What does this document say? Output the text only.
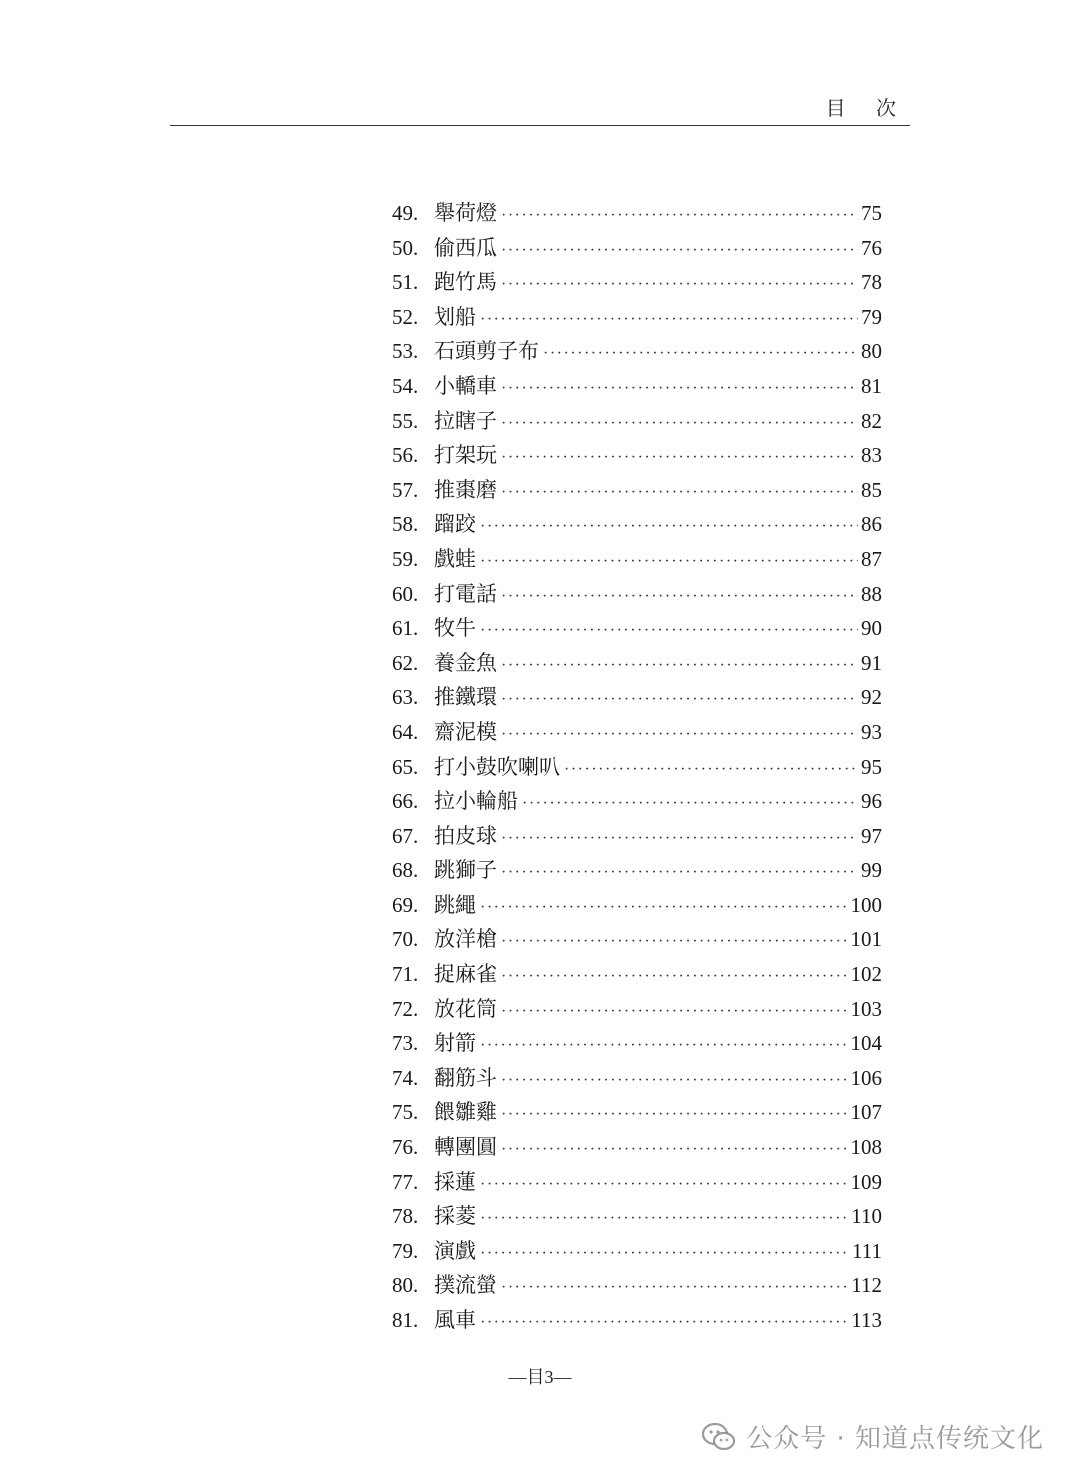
目 次
49. 舉荷燈 ·····	75
50. 偷西瓜 ·····	76
51. 跑竹馬 ·····	78
52. 划船 ·····	79
53. 石頭剪子布 ·····	80
54. 小轎車 ·····	81
55. 拉瞎子 ·····	82
56. 打架玩 ·····	83
57. 推棗磨 ·····	85
58. 蹓跤 ·····	86
59. 戲蛙 ·····	87
60. 打電話 ·····	88
61. 牧牛 ·····	90
62. 養金魚 ·····	91
63. 推鐵環 ·····	92
64. 齋泥模 ·····	93
65. 打小鼓吹喇叭 ·····	95
66. 拉小輪船 ·····	96
67. 拍皮球 ·····	97
68. 跳獅子 ·····	99
69. 跳繩 ·····	100
70. 放洋槍 ·····	101
71. 捉麻雀 ·····	102
72. 放花筒 ·····	103
73. 射箭 ·····	104
74. 翻筋斗 ·····	106
75. 餵雛雞 ·····	107
76. 轉團圓 ·····	108
77. 採蓮 ·····	109
78. 採菱 ·····	110
79. 演戲 ·····	111
80. 撲流螢 ·····	112
81. 風車 ·····	113
—目3—
公众号 · 知道点传统文化
